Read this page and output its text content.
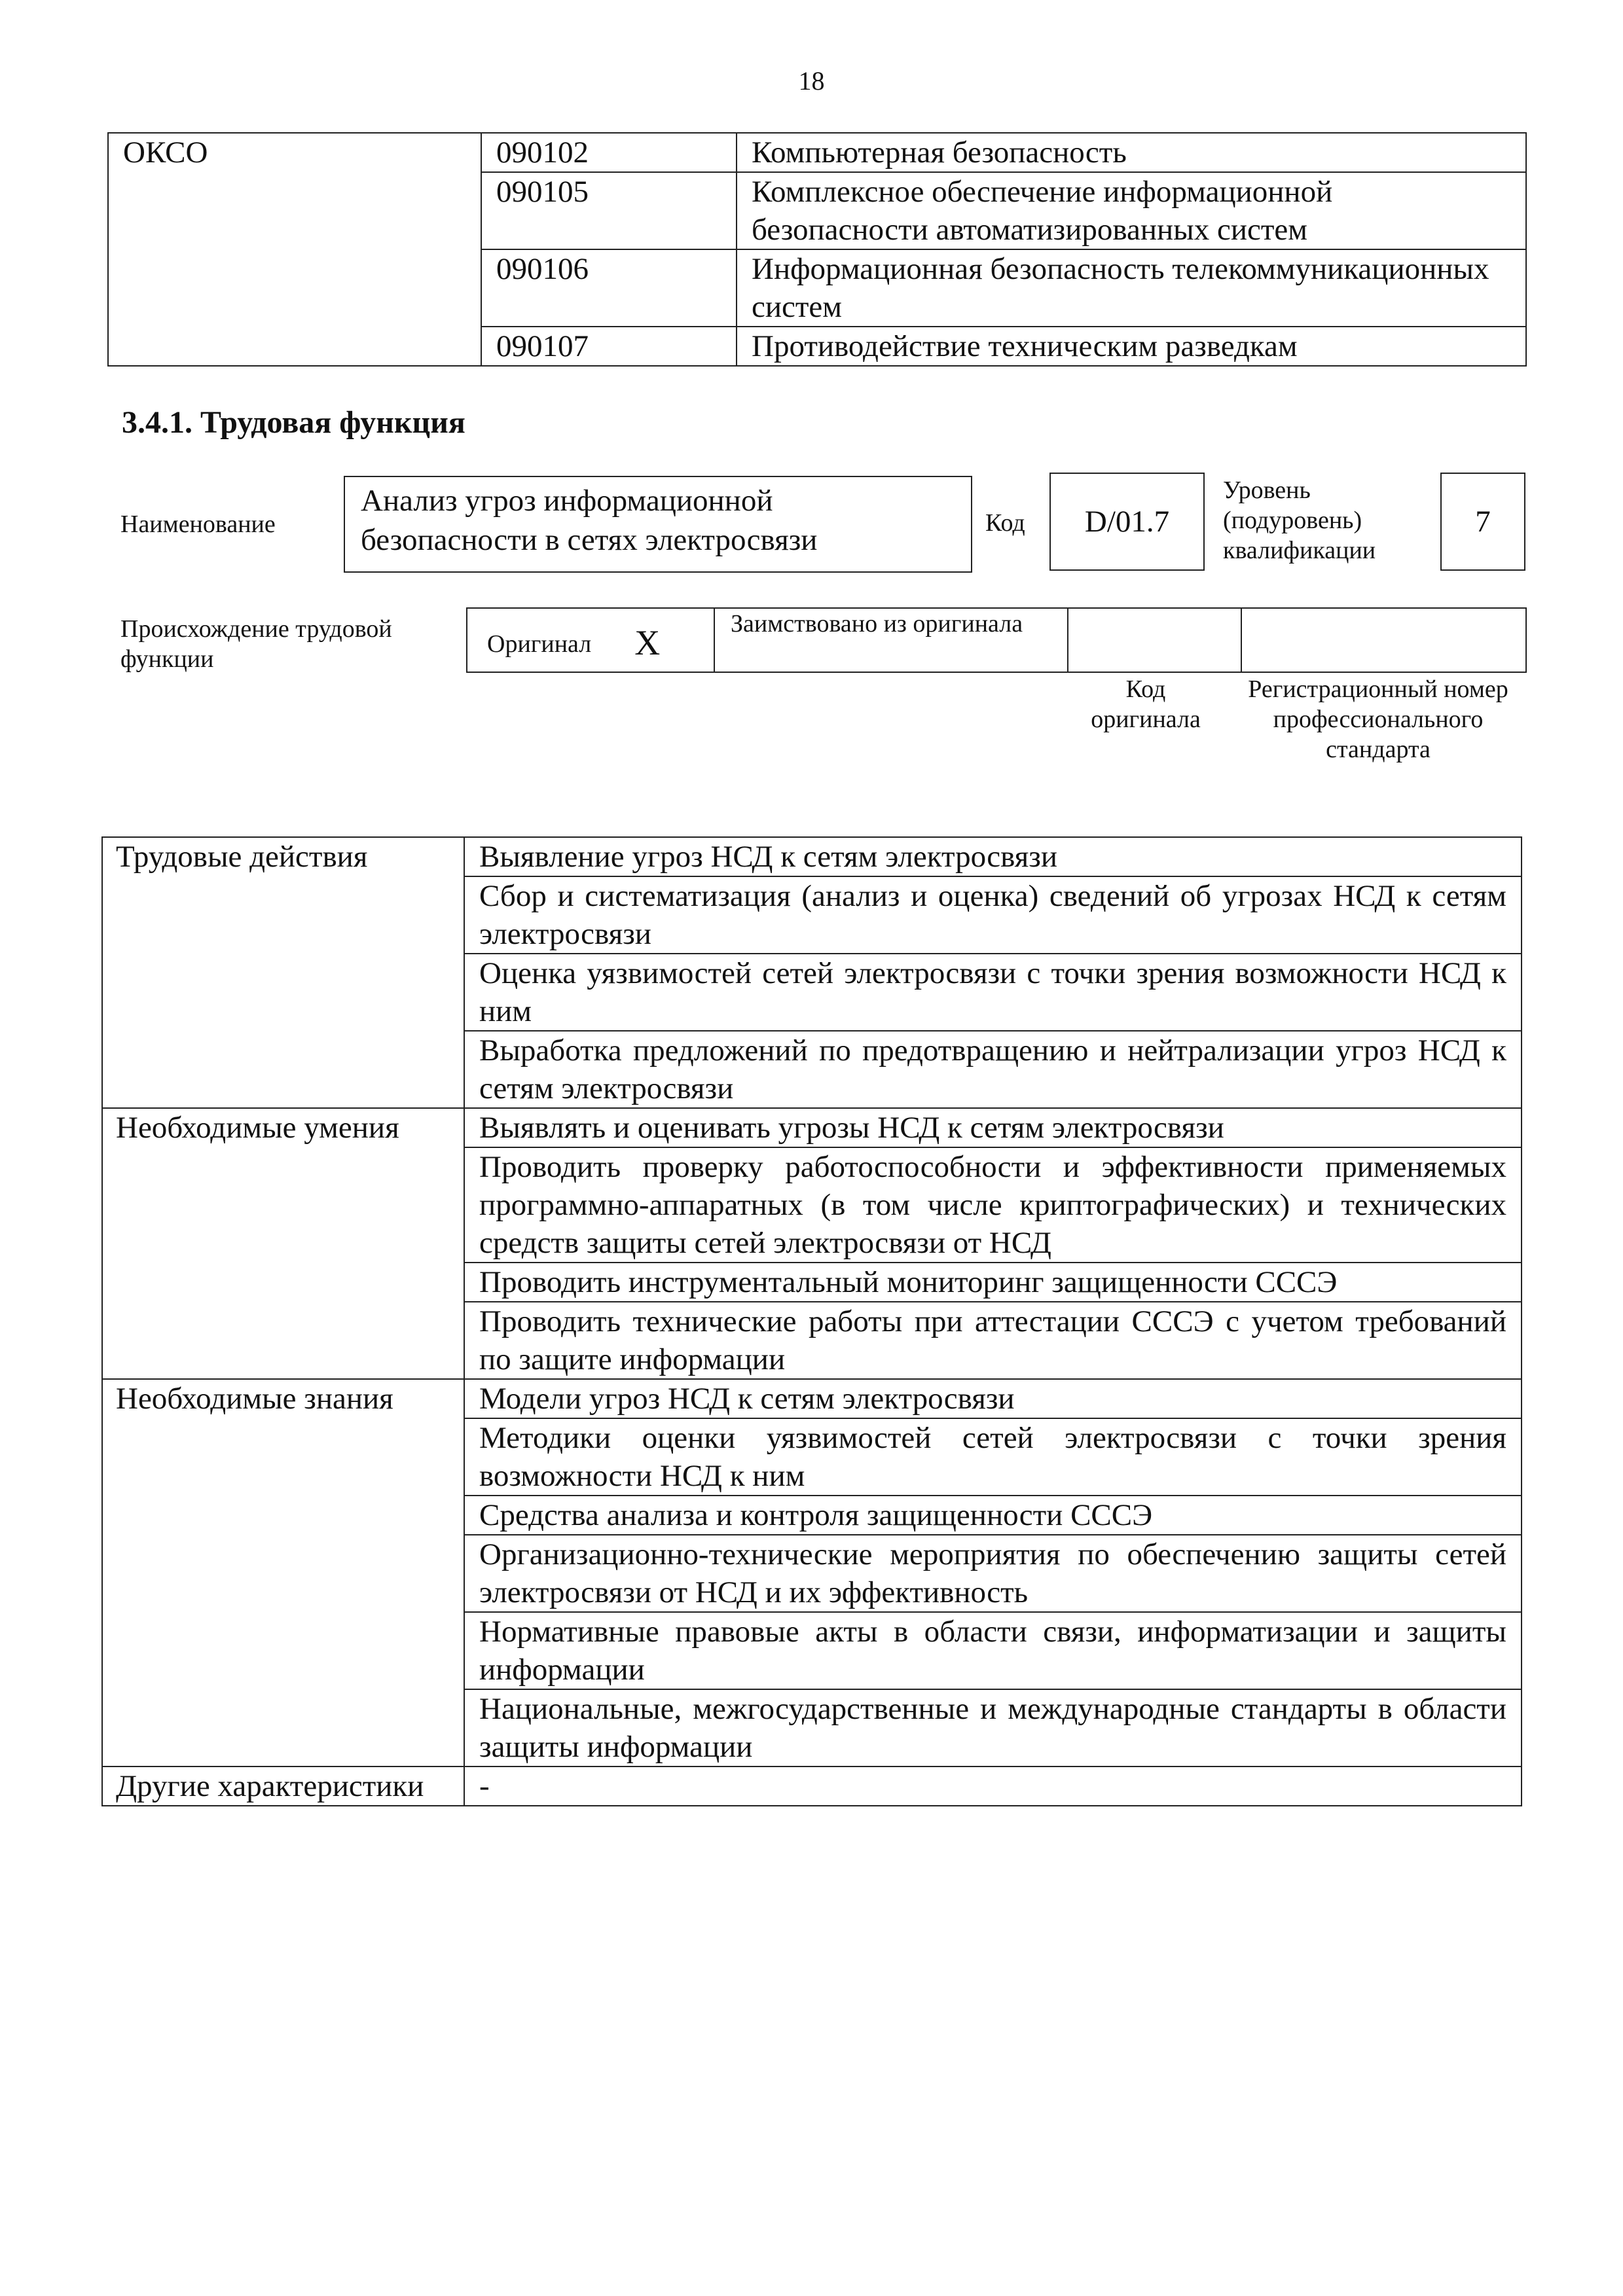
18
ОКСО	090102	Компьютерная безопасность
	090105	Комплексное обеспечение информационной безопасности автоматизированных систем
	090106	Информационная безопасность телекоммуникационных систем
	090107	Противодействие техническим разведкам
3.4.1. Трудовая функция
Наименование
Анализ угроз информационной безопасности в сетях электросвязи	Код	D/01.7
Уровень
(подуровень)
квалификации
7
Происхождение трудовой функции
Оригинал X	Заимствовано из оригинала		
Код оригинала
Регистрационный номер профессионального стандарта
Трудовые действия	Выявление угроз НСД к сетям электросвязи
	Сбор и систематизация (анализ и оценка) сведений об угрозах НСД к сетям электросвязи
	Оценка уязвимостей сетей электросвязи с точки зрения возможности НСД к ним
	Выработка предложений по предотвращению и нейтрализации угроз НСД к сетям электросвязи
Необходимые умения	Выявлять и оценивать угрозы НСД к сетям электросвязи
	Проводить проверку работоспособности и эффективности применяемых программно-аппаратных (в том числе криптографических) и технических средств защиты сетей электросвязи от НСД
	Проводить инструментальный мониторинг защищенности СССЭ
	Проводить технические работы при аттестации СССЭ с учетом требований по защите информации
Необходимые знания	Модели угроз НСД к сетям электросвязи
	Методики оценки уязвимостей сетей электросвязи с точки зрения возможности НСД к ним
	Средства анализа и контроля защищенности СССЭ
	Организационно-технические мероприятия по обеспечению защиты сетей электросвязи от НСД и их эффективность
	Нормативные правовые акты в области связи, информатизации и защиты информации
	Национальные, межгосударственные и международные стандарты в области защиты информации
Другие характеристики	-
